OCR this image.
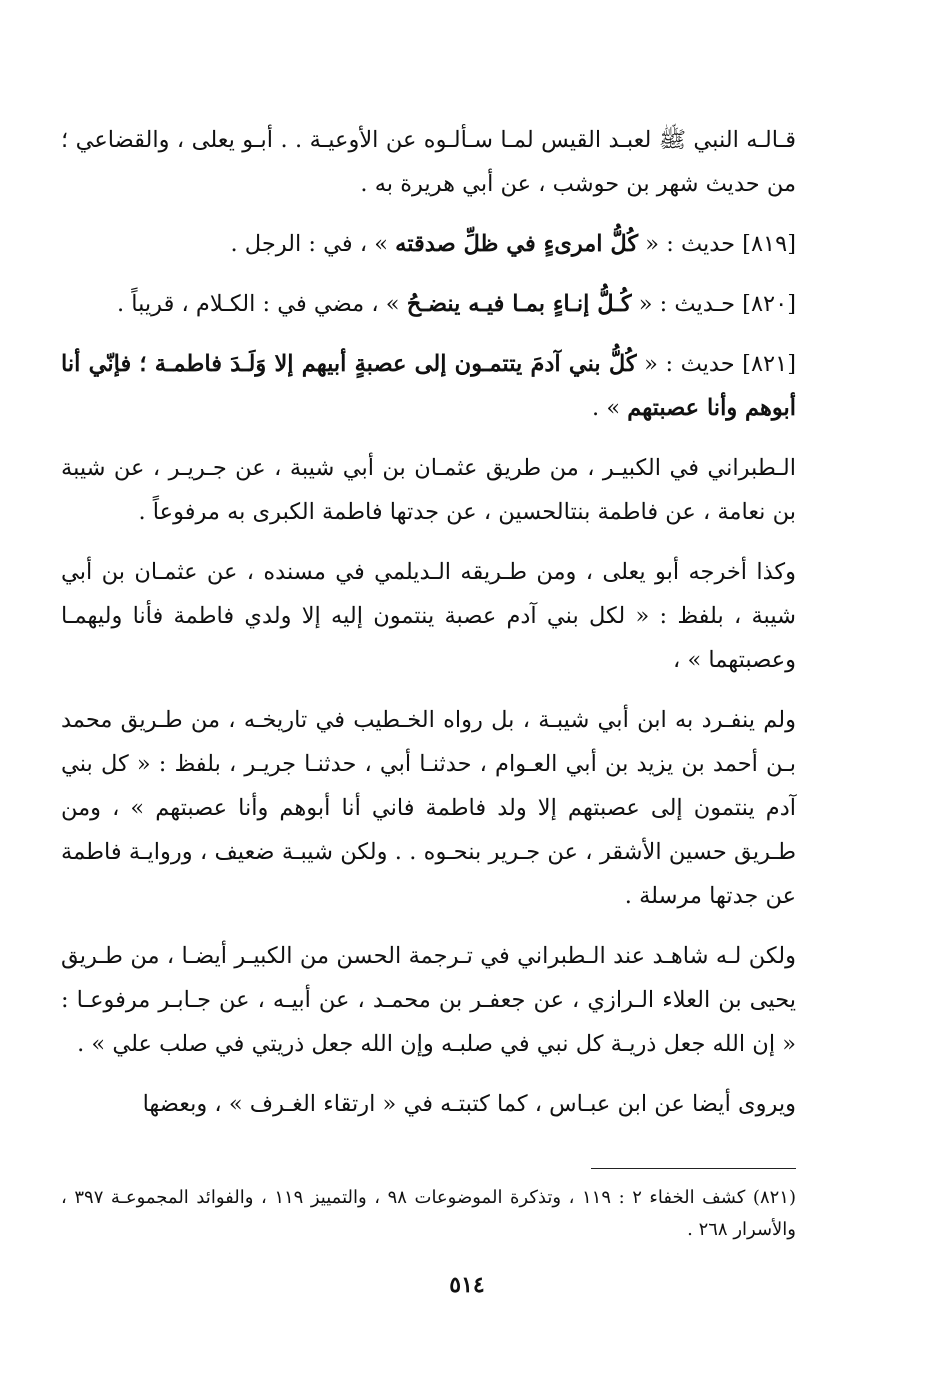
قـالـه النبي ﷺ لعبـد القيس لمـا سـألـوه عن الأوعيـة . . أبـو يعلى ، والقضاعي ؛ من حديث شهر بن حوشب ، عن أبي هريرة به .

[٨١٩] حديث : « كُلُّ امرىءٍ في ظلِّ صدقته » ، في : الرجل .

[٨٢٠] حـديث : « كُـلُّ إنـاءٍ بمـا فيـه ينضـحُ » ، مضي في : الكـلام ، قريباً .

[٨٢١] حديث : « كُلُّ بني آدمَ يتتمـون إلى عصبةٍ أبيهم إلا وَلَـدَ فاطمـة ؛ فإنّي أنا أبوهم وأنا عصبتهم » .

الـطبراني في الكبيـر ، من طريق عثمـان بن أبي شيبة ، عن جـريـر ، عن شيبة بن نعامة ، عن فاطمة بنتالحسين ، عن جدتها فاطمة الكبرى به مرفوعاً .

وكذا أخرجه أبو يعلى ، ومن طـريقه الـديلمي في مسنده ، عن عثمـان بن أبي شيبة ، بلفظ : « لكل بني آدم عصبة ينتمون إليه إلا ولدي فاطمة فأنا وليهمـا وعصبتهما » ،

ولم ينفـرد به ابن أبي شيبـة ، بل رواه الخـطيب في تاريخـه ، من طـريق محمد بـن أحمد بن يزيد بن أبي العـوام ، حدثنـا أبي ، حدثنـا جريـر ، بلفظ : « كل بني آدم ينتمون إلى عصبتهم إلا ولد فاطمة فاني أنا أبوهم وأنا عصبتهم » ، ومن طـريق حسين الأشقر ، عن جـرير بنحـوه . . ولكن شيبـة ضعيف ، وروايـة فاطمة عن جدتها مرسلة .

ولكن لـه شاهـد عند الـطبراني في تـرجمة الحسن من الكبيـر أيضـا ، من طـريق يحيى بن العلاء الـرازي ، عن جعفـر بن محمـد ، عن أبيـه ، عن جـابـر مرفوعـا : « إن الله جعل ذريـة كل نبي في صلبـه وإن الله جعل ذريتي في صلب علي » .

ويروى أيضا عن ابن عبـاس ، كما كتبتـه في « ارتقاء الغـرف » ، وبعضها

(٨٢١) كشف الخفاء ٢ : ١١٩ ، وتذكرة الموضوعات ٩٨ ، والتمييز ١١٩ ، والفوائد المجموعـة ٣٩٧ ، والأسرار ٢٦٨ .

٥١٤
